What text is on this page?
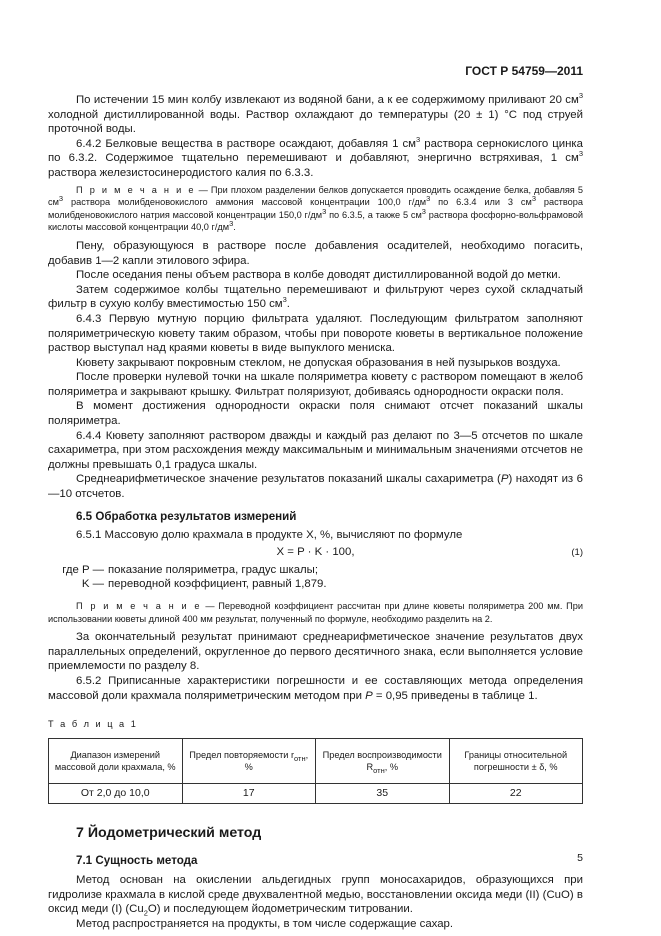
ГОСТ Р 54759—2011

По истечении 15 мин колбу извлекают из водяной бани, а к ее содержимому приливают 20 $см^3$ холодной дистиллированной воды. Раствор охлаждают до температуры (20 ± 1) °С под струей проточной воды.

6.4.2 Белковые вещества в растворе осаждают, добавляя 1 $см^3$ раствора сернокислого цинка по 6.3.2. Содержимое тщательно перемешивают и добавляют, энергично встряхивая, 1 $см^3$ раствора железистосинеродистого калия по 6.3.3.

П р и м е ч а н и е — При плохом разделении белков допускается проводить осаждение белка, добавляя 5 $см^3$ раствора молибденовокислого аммония массовой концентрации 100,0 $г/дм^3$ по 6.3.4 или 3 $см^3$ раствора молибденовокислого натрия массовой концентрации 150,0 $г/дм^3$ по 6.3.5, а также 5 $см^3$ раствора фосфорно-вольфрамовой кислоты массовой концентрации 40,0 $г/дм^3$.

Пену, образующуюся в растворе после добавления осадителей, необходимо погасить, добавив 1—2 капли этилового эфира.

После оседания пены объем раствора в колбе доводят дистиллированной водой до метки.

Затем содержимое колбы тщательно перемешивают и фильтруют через сухой складчатый фильтр в сухую колбу вместимостью 150 $см^3$.

6.4.3 Первую мутную порцию фильтрата удаляют. Последующим фильтратом заполняют поляриметрическую кювету таким образом, чтобы при повороте кюветы в вертикальное положение раствор выступал над краями кюветы в виде выпуклого мениска.

Кювету закрывают покровным стеклом, не допуская образования в ней пузырьков воздуха.

После проверки нулевой точки на шкале поляриметра кювету с раствором помещают в желоб поляриметра и закрывают крышку. Фильтрат поляризуют, добиваясь однородности окраски поля.

В момент достижения однородности окраски поля снимают отсчет показаний шкалы поляриметра.

6.4.4 Кювету заполняют раствором дважды и каждый раз делают по 3—5 отсчетов по шкале сахариметра, при этом расхождения между максимальным и минимальным значениями отсчетов не должны превышать 0,1 градуса шкалы.

Среднеарифметическое значение результатов показаний шкалы сахариметра (P) находят из 6—10 отсчетов.

6.5 Обработка результатов измерений

6.5.1 Массовую долю крахмала в продукте Х, %, вычисляют по формуле

X = P · K · 100,	(1)
где P — показание поляриметра, градус шкалы;
K — переводной коэффициент, равный 1,879.

П р и м е ч а н и е — Переводной коэффициент рассчитан при длине кюветы поляриметра 200 мм. При использовании кюветы длиной 400 мм результат, полученный по формуле, необходимо разделить на 2.

За окончательный результат принимают среднеарифметическое значение результатов двух параллельных определений, округленное до первого десятичного знака, если выполняется условие приемлемости по разделу 8.

6.5.2 Приписанные характеристики погрешности и ее составляющих метода определения массовой доли крахмала поляриметрическим методом при P = 0,95 приведены в таблице 1.

Т а б л и ц а 1
Диапазон измерений массовой доли крахмала, %	Предел повторяемости $r_{отн}$, %	Предел воспроизводимости $R_{отн}$, %	Границы относительной погрешности ± δ, %
От 2,0 до 10,0	17	35	22
7 Йодометрический метод
7.1 Сущность метода

Метод основан на окислении альдегидных групп моносахаридов, образующихся при гидролизе крахмала в кислой среде двухвалентной медью, восстановлении оксида меди (II) (CuO) в оксид меди (I) $(Cu_2O)$ и последующем йодометрическим титровании.

Метод распространяется на продукты, в том числе содержащие сахар.

5
